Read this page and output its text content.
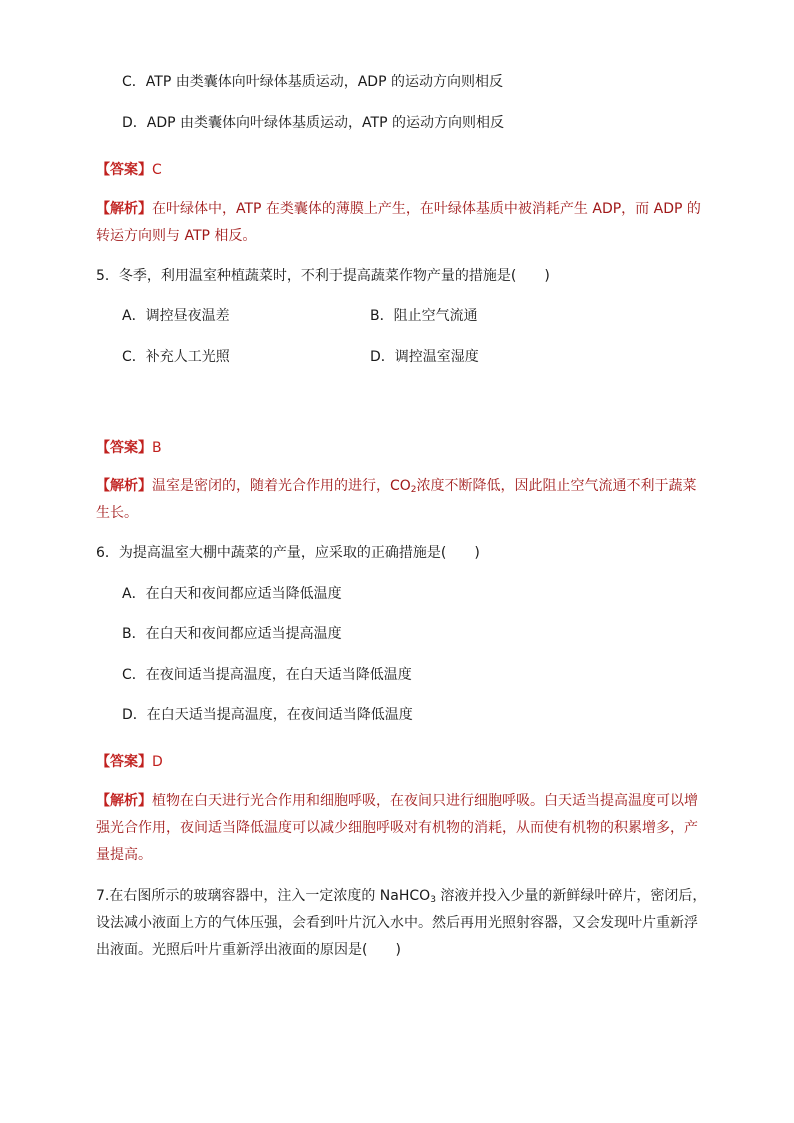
C．ATP 由类囊体向叶绿体基质运动，ADP 的运动方向则相反
D．ADP 由类囊体向叶绿体基质运动，ATP 的运动方向则相反
【答案】C
【解析】在叶绿体中，ATP 在类囊体的薄膜上产生，在叶绿体基质中被消耗产生 ADP，而 ADP 的
转运方向则与 ATP 相反。
5．冬季，利用温室种植蔬菜时，不利于提高蔬菜作物产量的措施是(　　)
A．调控昼夜温差	B．阻止空气流通
C．补充人工光照	D．调控温室湿度
【答案】B
【解析】温室是密闭的，随着光合作用的进行，$CO_2$浓度不断降低，因此阻止空气流通不利于蔬菜
生长。
6．为提高温室大棚中蔬菜的产量，应采取的正确措施是(　　)
A．在白天和夜间都应适当降低温度
B．在白天和夜间都应适当提高温度
C．在夜间适当提高温度，在白天适当降低温度
D．在白天适当提高温度，在夜间适当降低温度
【答案】D
【解析】植物在白天进行光合作用和细胞呼吸，在夜间只进行细胞呼吸。白天适当提高温度可以增
强光合作用，夜间适当降低温度可以减少细胞呼吸对有机物的消耗，从而使有机物的积累增多，产
量提高。
7.在右图所示的玻璃容器中，注入一定浓度的 NaHCO$_3$ 溶液并投入少量的新鲜绿叶碎片，密闭后，
设法减小液面上方的气体压强，会看到叶片沉入水中。然后再用光照射容器，又会发现叶片重新浮
出液面。光照后叶片重新浮出液面的原因是(　　)
